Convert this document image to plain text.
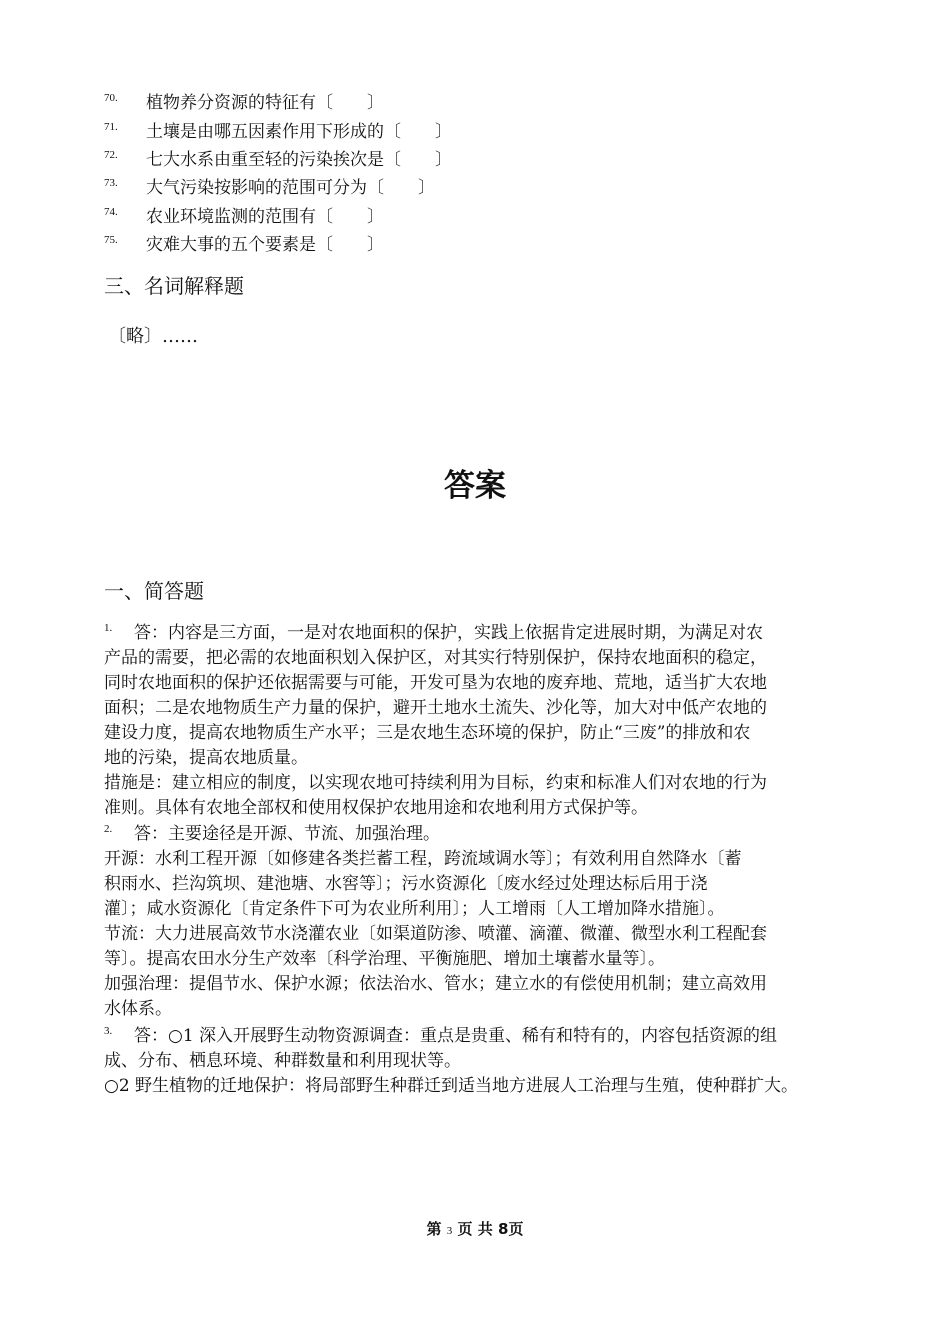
70. 植物养分资源的特征有〔　　〕
71. 土壤是由哪五因素作用下形成的〔　　〕
72. 七大水系由重至轻的污染挨次是〔　　〕
73. 大气污染按影响的范围可分为〔　　〕
74. 农业环境监测的范围有〔　　〕
75. 灾难大事的五个要素是〔　　〕
三、名词解释题
〔略〕……
答案
一、简答题
1. 答：内容是三方面，一是对农地面积的保护，实践上依据肯定进展时期，为满足对农
产品的需要，把必需的农地面积划入保护区，对其实行特别保护，保持农地面积的稳定，
同时农地面积的保护还依据需要与可能，开发可垦为农地的废弃地、荒地，适当扩大农地
面积；二是农地物质生产力量的保护，避开土地水土流失、沙化等，加大对中低产农地的
建设力度，提高农地物质生产水平；三是农地生态环境的保护，防止“三废”的排放和农
地的污染，提高农地质量。
措施是：建立相应的制度，以实现农地可持续利用为目标，约束和标准人们对农地的行为
准则。具体有农地全部权和使用权保护农地用途和农地利用方式保护等。
2. 答：主要途径是开源、节流、加强治理。
开源：水利工程开源〔如修建各类拦蓄工程，跨流域调水等〕；有效利用自然降水〔蓄
积雨水、拦沟筑坝、建池塘、水窖等〕；污水资源化〔废水经过处理达标后用于浇
灌〕；咸水资源化〔肯定条件下可为农业所利用〕；人工增雨〔人工增加降水措施〕。
节流：大力进展高效节水浇灌农业〔如渠道防渗、喷灌、滴灌、微灌、微型水利工程配套
等〕。提高农田水分生产效率〔科学治理、平衡施肥、增加土壤蓄水量等〕。
加强治理：提倡节水、保护水源；依法治水、管水；建立水的有偿使用机制；建立高效用
水体系。
3. 答：○1 深入开展野生动物资源调查：重点是贵重、稀有和特有的，内容包括资源的组
成、分布、栖息环境、种群数量和利用现状等。
○2 野生植物的迁地保护：将局部野生种群迁到适当地方进展人工治理与生殖，使种群扩大。
第 3 页 共 8页
